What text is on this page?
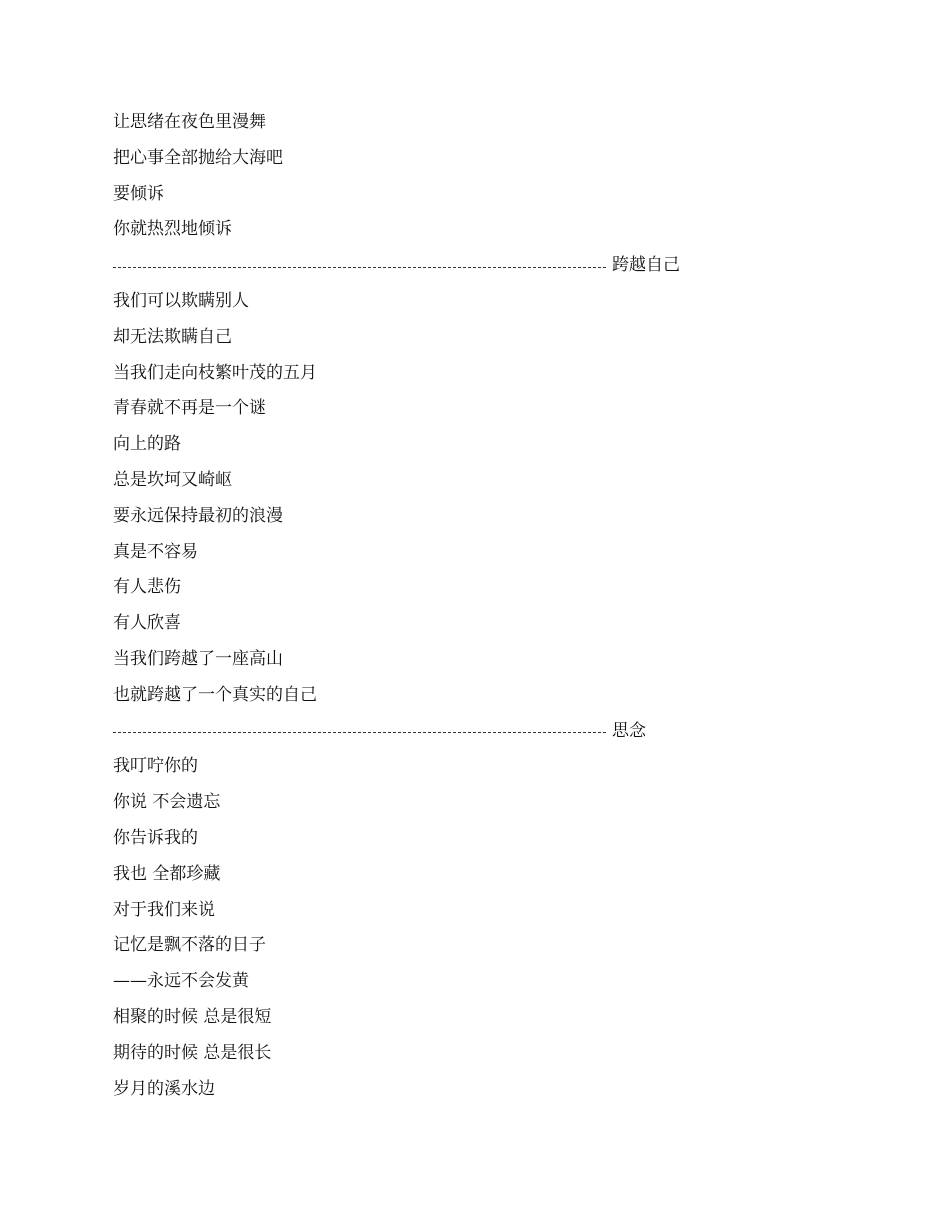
让思绪在夜色里漫舞
把心事全部抛给大海吧
要倾诉
你就热烈地倾诉
跨越自己
我们可以欺瞒别人
却无法欺瞒自己
当我们走向枝繁叶茂的五月
青春就不再是一个谜
向上的路
总是坎坷又崎岖
要永远保持最初的浪漫
真是不容易
有人悲伤
有人欣喜
当我们跨越了一座高山
也就跨越了一个真实的自己
思念
我叮咛你的
你说 不会遗忘
你告诉我的
我也 全都珍藏
对于我们来说
记忆是飘不落的日子
——永远不会发黄
相聚的时候 总是很短
期待的时候 总是很长
岁月的溪水边
